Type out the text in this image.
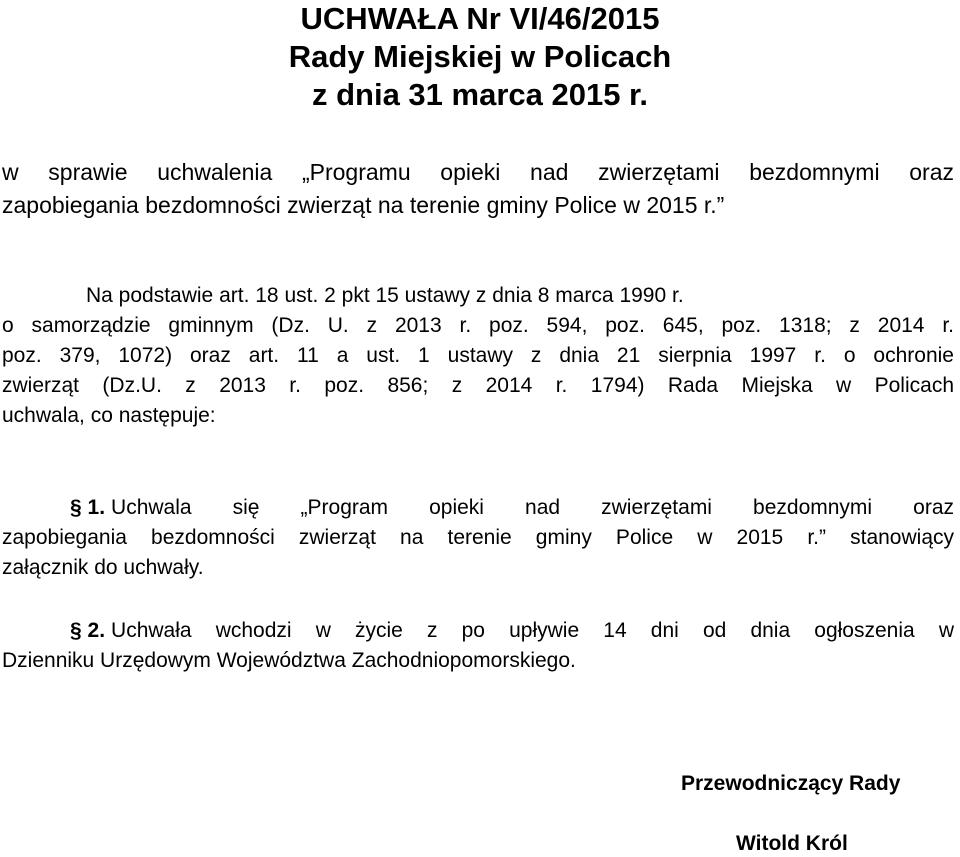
UCHWAŁA Nr VI/46/2015
Rady Miejskiej w Policach
z dnia 31 marca 2015 r.
w sprawie uchwalenia „Programu opieki nad zwierzętami bezdomnymi oraz
zapobiegania bezdomności zwierząt na terenie gminy Police w 2015 r.”
Na podstawie art. 18 ust. 2 pkt 15 ustawy z dnia 8 marca 1990 r.
o samorządzie gminnym (Dz. U. z 2013 r. poz. 594, poz. 645, poz. 1318; z 2014 r.
poz. 379, 1072) oraz art. 11 a ust. 1 ustawy z dnia 21 sierpnia 1997 r. o ochronie
zwierząt (Dz.U. z 2013 r. poz. 856; z 2014 r. 1794) Rada Miejska w Policach
uchwala, co następuje:
§ 1. Uchwala się „Program opieki nad zwierzętami bezdomnymi oraz
zapobiegania bezdomności zwierząt na terenie gminy Police w 2015 r.” stanowiący
załącznik do uchwały.
§ 2. Uchwała wchodzi w życie z po upływie 14 dni od dnia ogłoszenia w
Dzienniku Urzędowym Województwa Zachodniopomorskiego.
Przewodniczący Rady
Witold Król
